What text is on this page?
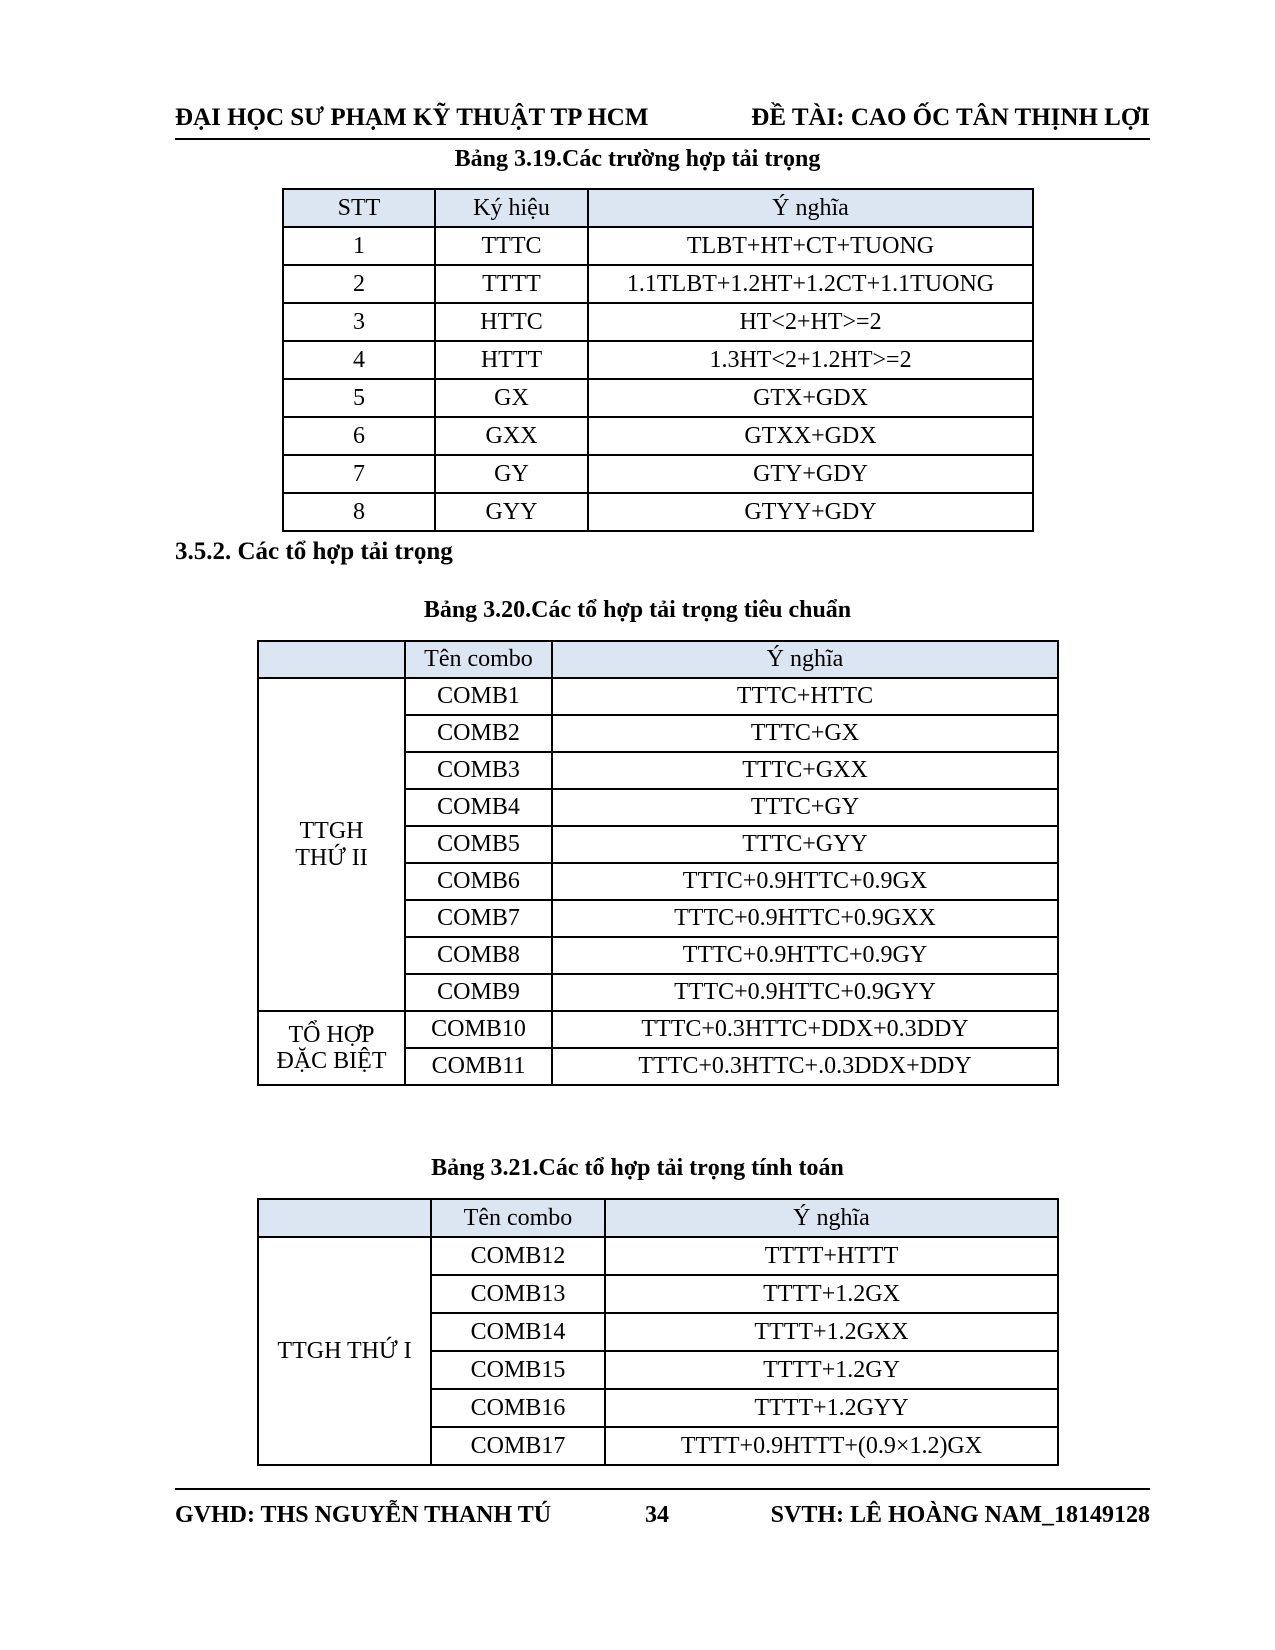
ĐẠI HỌC SƯ PHẠM KỸ THUẬT TP HCM	ĐỀ TÀI: CAO ỐC TÂN THỊNH LỢI
Bảng 3.19.Các trường hợp tải trọng
STT	Ký hiệu	Ý nghĩa
1	TTTC	TLBT+HT+CT+TUONG
2	TTTT	1.1TLBT+1.2HT+1.2CT+1.1TUONG
3	HTTC	HT<2+HT>=2
4	HTTT	1.3HT<2+1.2HT>=2
5	GX	GTX+GDX
6	GXX	GTXX+GDX
7	GY	GTY+GDY
8	GYY	GTYY+GDY
3.5.2. Các tổ hợp tải trọng
Bảng 3.20.Các tổ hợp tải trọng tiêu chuẩn
	Tên combo	Ý nghĩa
TTGH
THỨ II	COMB1	TTTC+HTTC
	COMB2	TTTC+GX
	COMB3	TTTC+GXX
	COMB4	TTTC+GY
	COMB5	TTTC+GYY
	COMB6	TTTC+0.9HTTC+0.9GX
	COMB7	TTTC+0.9HTTC+0.9GXX
	COMB8	TTTC+0.9HTTC+0.9GY
	COMB9	TTTC+0.9HTTC+0.9GYY
TỔ HỢP
ĐẶC BIỆT	COMB10	TTTC+0.3HTTC+DDX+0.3DDY
	COMB11	TTTC+0.3HTTC+.0.3DDX+DDY
Bảng 3.21.Các tổ hợp tải trọng tính toán
	Tên combo	Ý nghĩa
TTGH THỨ I	COMB12	TTTT+HTTT
	COMB13	TTTT+1.2GX
	COMB14	TTTT+1.2GXX
	COMB15	TTTT+1.2GY
	COMB16	TTTT+1.2GYY
	COMB17	TTTT+0.9HTTT+(0.9×1.2)GX
GVHD: THS NGUYỄN THANH TÚ	34	SVTH: LÊ HOÀNG NAM_18149128
